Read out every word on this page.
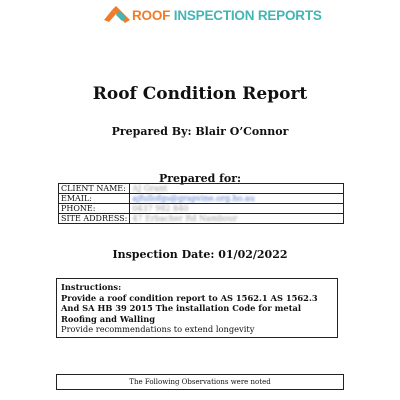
ROOF INSPECTION REPORTS
Roof Condition Report
Prepared By: Blair O’Connor
Prepared for:
CLIENT NAME:	AJ Grant
EMAIL:	ajfullofgs@grapvine.org.ho.au
PHONE:	0437 982 840
SITE ADDRESS:	47 Erbacher Rd Nambour
Inspection Date: 01/02/2022
Instructions:
Provide a roof condition report to AS 1562.1 AS 1562.3 And SA HB 39 2015 The installation Code for metal Roofing and Walling
Provide recommendations to extend longevity
The Following Observations were noted
